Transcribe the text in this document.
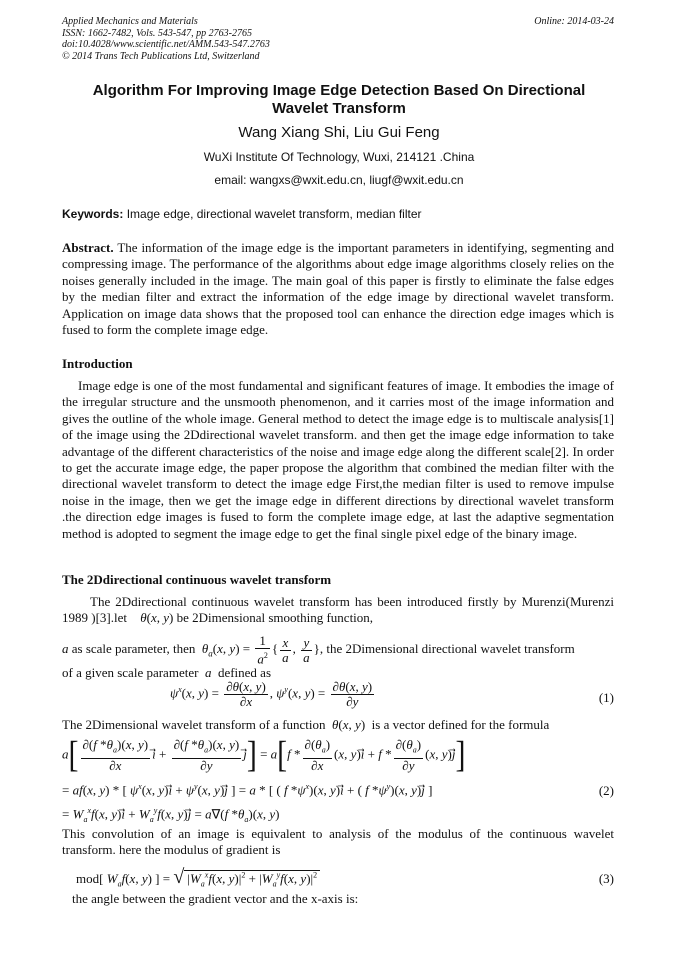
Applied Mechanics and Materials
ISSN: 1662-7482, Vols. 543-547, pp 2763-2765
doi:10.4028/www.scientific.net/AMM.543-547.2763
© 2014 Trans Tech Publications Ltd, Switzerland
Online: 2014-03-24
Algorithm For Improving Image Edge Detection Based On Directional
Wavelet Transform
Wang Xiang Shi, Liu Gui Feng
WuXi Institute Of Technology, Wuxi, 214121 .China
email: wangxs@wxit.edu.cn, liugf@wxit.edu.cn
Keywords: Image edge, directional wavelet transform, median filter
Abstract. The information of the image edge is the important parameters in identifying, segmenting and compressing image. The performance of the algorithms about edge image algorithms closely relies on the noises generally included in the image. The main goal of this paper is firstly to eliminate the false edges by the median filter and extract the information of the edge image by directional wavelet transform. Application on image data shows that the proposed tool can enhance the direction edge images which is fused to form the complete image edge.
Introduction
Image edge is one of the most fundamental and significant features of image. It embodies the image of the irregular structure and the unsmooth phenomenon, and it carries most of the image information and gives the outline of the whole image. General method to detect the image edge is to multiscale analysis[1] of the image using the 2Ddirectional wavelet transform. and then get the image edge information to take advantage of the different characteristics of the noise and image edge along the different scale[2]. In order to get the accurate image edge, the paper propose the algorithm that combined the median filter with the directional wavelet transform to detect the image edge First,the median filter is used to remove impulse noise in the image, then we get the image edge in different directions by directional wavelet transform .the direction edge images is fused to form the complete image edge, at last the adaptive segmentation method is adopted to segment the image edge to get the final single pixel edge of the binary image.
The 2Ddirectional continuous wavelet transform
The 2Ddirectional continuous wavelet transform has been introduced firstly by Murenzi(Murenzi 1989 )[3].let θ(x, y) be 2Dimensional smoothing function,
a as scale parameter, then $\theta_a(x$, $y) = \frac{1}{a^2}$ { $\frac{x}{a}$ , $\frac{y}{a}$ }, the 2Dimensional directional wavelet transform
of a given scale parameter a defined as
$\psi^x(x$, $y) = \frac{\partial\theta(x, y)}{\partial x}$ , $\psi^y(x$, $y) = \frac{\partial\theta(x, y)}{\partial y}$	(1)
The 2Dimensional wavelet transform of a function θ(x, y)  is a vector defined for the formula
$a[ \frac{\partial(f *\theta_a)(x, y)}{\partial x}$ i⃗ + $\frac{\partial(f *\theta_a)(x, y)}{\partial y} j] = a[f * \frac{\partial(\theta_a)}{\partial x} (x$, y)i⃗ + f * $\frac{\partial(\theta_a)}{\partial y} (x$, y)j]
= af(x, y) * [ $\psi^x(x$, y)i⃗ + $\psi^y(x$, y)j⃗ ] = a * [ ( f $*\psi^x)(x$, y)i⃗ + ( f $*\psi^y)(x$, y)j⃗ ]	(2)
= $W_a^xf(x$, y)i⃗ + $W_a^yf(x$, y)j⃗ = a∇(f $*\theta_a)(x$, y)
This convolution of an image is equivalent to analysis of the modulus of the continuous wavelet transform. here the modulus of gradient is
mod[ $W_af(x$, y) ] = √ $|W_a^xf(x$, $y)|^2 + |W_a^yf(x$, $y)|^2$	(3)
the angle between the gradient vector and the x-axis is:
